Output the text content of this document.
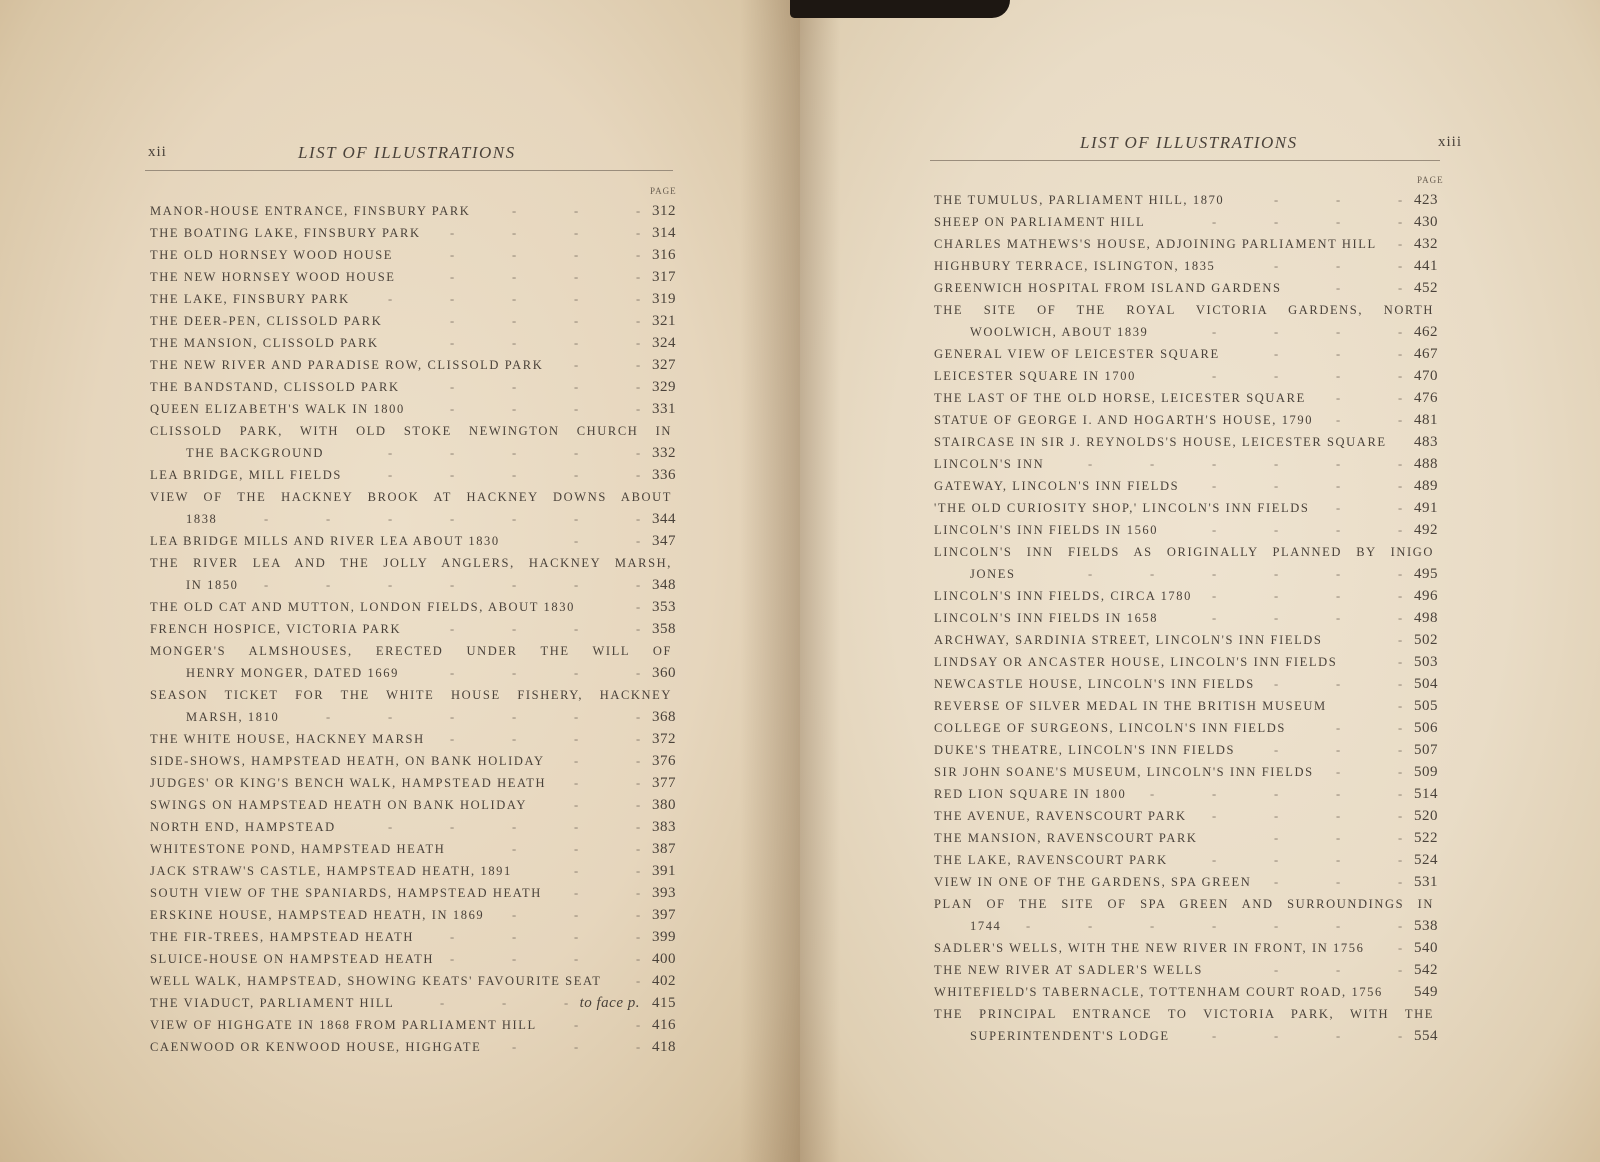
xii	LIST OF ILLUSTRATIONS
PAGE
MANOR-HOUSE ENTRANCE, FINSBURY PARK	312
-
-
-
THE BOATING LAKE, FINSBURY PARK	314
-
-
-
-
THE OLD HORNSEY WOOD HOUSE	316
-
-
-
-
THE NEW HORNSEY WOOD HOUSE	317
-
-
-
-
THE LAKE, FINSBURY PARK	319
-
-
-
-
-
THE DEER-PEN, CLISSOLD PARK	321
-
-
-
-
THE MANSION, CLISSOLD PARK	324
-
-
-
-
THE NEW RIVER AND PARADISE ROW, CLISSOLD PARK	327
-
-
THE BANDSTAND, CLISSOLD PARK	329
-
-
-
-
QUEEN ELIZABETH'S WALK IN 1800	331
-
-
-
-
CLISSOLD PARK, WITH OLD STOKE NEWINGTON CHURCH IN
THE BACKGROUND	332
-
-
-
-
-
LEA BRIDGE, MILL FIELDS	336
-
-
-
-
-
VIEW OF THE HACKNEY BROOK AT HACKNEY DOWNS ABOUT
1838	344
-
-
-
-
-
-
-
LEA BRIDGE MILLS AND RIVER LEA ABOUT 1830	347
-
-
THE RIVER LEA AND THE JOLLY ANGLERS, HACKNEY MARSH,
IN 1850	348
-
-
-
-
-
-
-
THE OLD CAT AND MUTTON, LONDON FIELDS, ABOUT 1830	353
-
FRENCH HOSPICE, VICTORIA PARK	358
-
-
-
-
MONGER'S ALMSHOUSES, ERECTED UNDER THE WILL OF
HENRY MONGER, DATED 1669	360
-
-
-
-
SEASON TICKET FOR THE WHITE HOUSE FISHERY, HACKNEY
MARSH, 1810	368
-
-
-
-
-
-
THE WHITE HOUSE, HACKNEY MARSH	372
-
-
-
-
SIDE-SHOWS, HAMPSTEAD HEATH, ON BANK HOLIDAY	376
-
-
JUDGES' OR KING'S BENCH WALK, HAMPSTEAD HEATH	377
-
-
SWINGS ON HAMPSTEAD HEATH ON BANK HOLIDAY	380
-
-
NORTH END, HAMPSTEAD	383
-
-
-
-
-
WHITESTONE POND, HAMPSTEAD HEATH	387
-
-
-
JACK STRAW'S CASTLE, HAMPSTEAD HEATH, 1891	391
-
-
SOUTH VIEW OF THE SPANIARDS, HAMPSTEAD HEATH	393
-
-
ERSKINE HOUSE, HAMPSTEAD HEATH, IN 1869	397
-
-
-
THE FIR-TREES, HAMPSTEAD HEATH	399
-
-
-
-
SLUICE-HOUSE ON HAMPSTEAD HEATH	400
-
-
-
-
WELL WALK, HAMPSTEAD, SHOWING KEATS' FAVOURITE SEAT	402
-
THE VIADUCT, PARLIAMENT HILL	to face p. 415
-
-
-
VIEW OF HIGHGATE IN 1868 FROM PARLIAMENT HILL	416
-
-
CAENWOOD OR KENWOOD HOUSE, HIGHGATE	418
-
-
-
LIST OF ILLUSTRATIONS	xiii
PAGE
THE TUMULUS, PARLIAMENT HILL, 1870	423
-
-
-
SHEEP ON PARLIAMENT HILL	430
-
-
-
-
CHARLES MATHEWS'S HOUSE, ADJOINING PARLIAMENT HILL 432
-
HIGHBURY TERRACE, ISLINGTON, 1835	441
-
-
-
GREENWICH HOSPITAL FROM ISLAND GARDENS	452
-
-
THE SITE OF THE ROYAL VICTORIA GARDENS, NORTH
WOOLWICH, ABOUT 1839	462
-
-
-
-
GENERAL VIEW OF LEICESTER SQUARE	467
-
-
-
LEICESTER SQUARE IN 1700	470
-
-
-
-
THE LAST OF THE OLD HORSE, LEICESTER SQUARE	476
-
-
STATUE OF GEORGE I. AND HOGARTH'S HOUSE, 1790	481
-
-
STAIRCASE IN SIR J. REYNOLDS'S HOUSE, LEICESTER SQUARE 483
LINCOLN'S INN	488
-
-
-
-
-
-
GATEWAY, LINCOLN'S INN FIELDS	489
-
-
-
-
'THE OLD CURIOSITY SHOP,' LINCOLN'S INN FIELDS	491
-
-
LINCOLN'S INN FIELDS IN 1560	492
-
-
-
-
LINCOLN'S INN FIELDS AS ORIGINALLY PLANNED BY INIGO
JONES	495
-
-
-
-
-
-
LINCOLN'S INN FIELDS, CIRCA 1780	496
-
-
-
-
LINCOLN'S INN FIELDS IN 1658	498
-
-
-
-
ARCHWAY, SARDINIA STREET, LINCOLN'S INN FIELDS	502
-
LINDSAY OR ANCASTER HOUSE, LINCOLN'S INN FIELDS	503
-
NEWCASTLE HOUSE, LINCOLN'S INN FIELDS	504
-
-
-
REVERSE OF SILVER MEDAL IN THE BRITISH MUSEUM	505
-
COLLEGE OF SURGEONS, LINCOLN'S INN FIELDS	506
-
-
DUKE'S THEATRE, LINCOLN'S INN FIELDS	507
-
-
-
SIR JOHN SOANE'S MUSEUM, LINCOLN'S INN FIELDS	509
-
-
RED LION SQUARE IN 1800	514
-
-
-
-
-
THE AVENUE, RAVENSCOURT PARK	520
-
-
-
-
THE MANSION, RAVENSCOURT PARK	522
-
-
-
THE LAKE, RAVENSCOURT PARK	524
-
-
-
-
VIEW IN ONE OF THE GARDENS, SPA GREEN	531
-
-
-
PLAN OF THE SITE OF SPA GREEN AND SURROUNDINGS IN
1744	538
-
-
-
-
-
-
-
SADLER'S WELLS, WITH THE NEW RIVER IN FRONT, IN 1756	540
-
THE NEW RIVER AT SADLER'S WELLS	542
-
-
-
WHITEFIELD'S TABERNACLE, TOTTENHAM COURT ROAD, 1756 549
THE PRINCIPAL ENTRANCE TO VICTORIA PARK, WITH THE
SUPERINTENDENT'S LODGE	554
-
-
-
-
